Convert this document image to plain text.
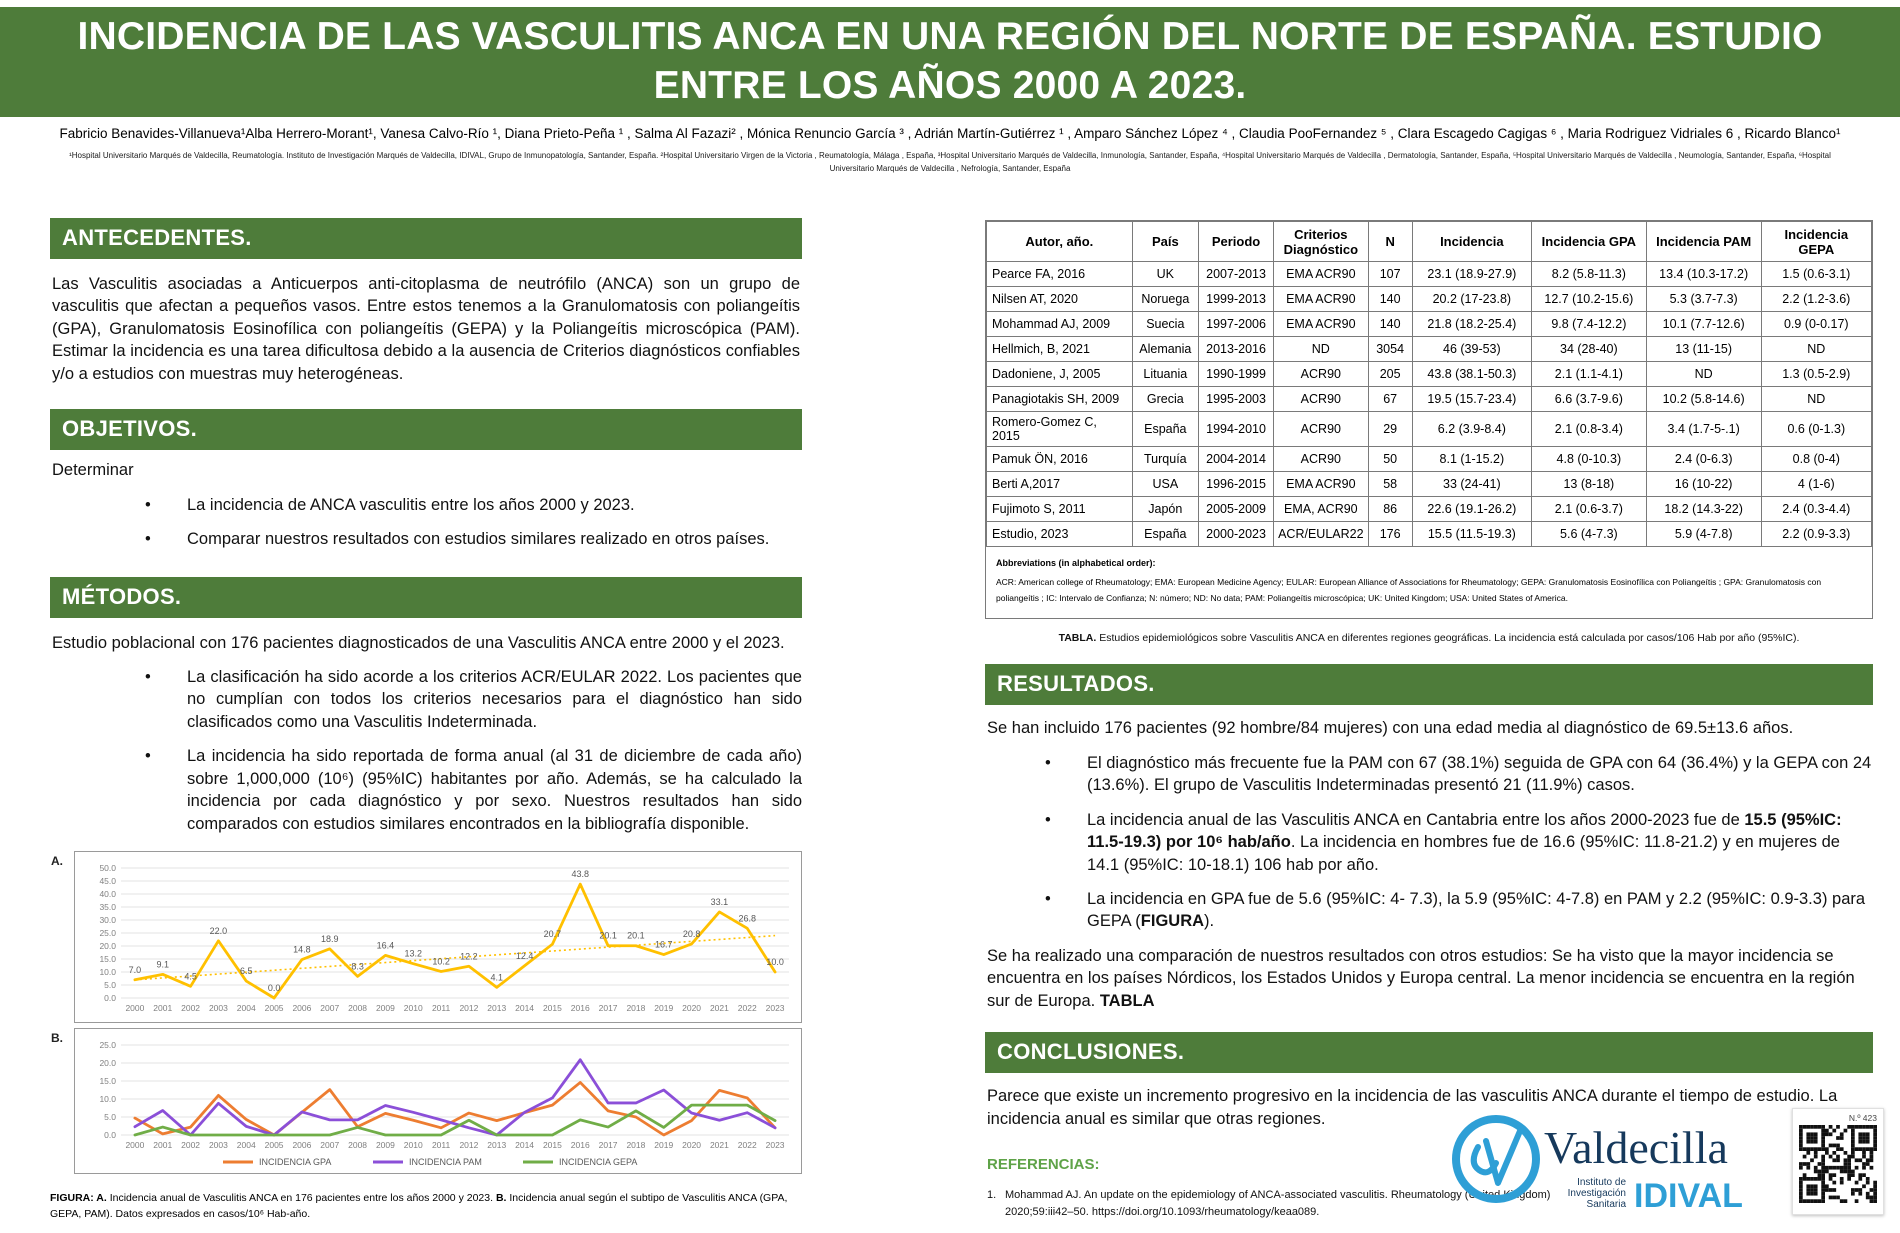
INCIDENCIA DE LAS VASCULITIS ANCA EN UNA REGIÓN DEL NORTE DE ESPAÑA. ESTUDIO ENTRE LOS AÑOS 2000 A 2023.
Fabricio Benavides-Villanueva¹Alba Herrero-Morant¹, Vanesa Calvo-Río ¹, Diana Prieto-Peña ¹ , Salma Al Fazazi² , Mónica Renuncio García ³ , Adrián Martín-Gutiérrez ¹ , Amparo Sánchez López ⁴ , Claudia PooFernandez ⁵ , Clara Escagedo Cagigas ⁶ , Maria Rodriguez Vidriales 6 , Ricardo Blanco¹
¹Hospital Universitario Marqués de Valdecilla, Reumatología. Instituto de Investigación Marqués de Valdecilla, IDIVAL, Grupo de Inmunopatología, Santander, España. ²Hospital Universitario Virgen de la Victoria , Reumatología, Málaga , España, ³Hospital Universitario Marqués de Valdecilla, Inmunología, Santander, España, ⁴Hospital Universitario Marqués de Valdecilla , Dermatología, Santander, España, ⁵Hospital Universitario Marqués de Valdecilla , Neumología, Santander, España, ⁶Hospital Universitario Marqués de Valdecilla , Nefrología, Santander, España
ANTECEDENTES.

Las Vasculitis asociadas a Anticuerpos anti-citoplasma de neutrófilo (ANCA) son un grupo de vasculitis que afectan a pequeños vasos. Entre estos tenemos a la Granulomatosis con poliangeítis (GPA), Granulomatosis Eosinofílica con poliangeítis (GEPA) y la Poliangeítis microscópica (PAM). Estimar la incidencia es una tarea dificultosa debido a la ausencia de Criterios diagnósticos confiables y/o a estudios con muestras muy heterogéneas.

OBJETIVOS.

Determinar

•	La incidencia de ANCA vasculitis entre los años 2000 y 2023.
•	Comparar nuestros resultados con estudios similares realizado en otros países.
MÉTODOS.

Estudio poblacional con 176 pacientes diagnosticados de una Vasculitis ANCA entre 2000 y el 2023.

•	La clasificación ha sido acorde a los criterios ACR/EULAR 2022. Los pacientes que no cumplían con todos los criterios necesarios para el diagnóstico han sido clasificados como una Vasculitis Indeterminada.
•	La incidencia ha sido reportada de forma anual (al 31 de diciembre de cada año) sobre 1,000,000 (10⁶) (95%IC) habitantes por año. Además, se ha calculado la incidencia por cada diagnóstico y por sexo. Nuestros resultados han sido comparados con estudios similares encontrados en la bibliografía disponible.
A.
0.0
5.0
10.0
15.0
20.0
25.0
30.0
35.0
40.0
45.0
50.0
2000 2001 2002 2003 2004 2005 2006 2007 2008 2009 2010 2011 2012 2013 2014 2015 2016 2017 2018 2019 2020 2021 2022 2023
7.0
9.1
4.5
22.0
6.5
0.0
14.8
18.9
8.3
16.4
13.2
10.2
12.2
4.1
12.4
20.7
43.8
20.1 20.1
16.7
20.8
33.1
26.8
10.0
B.
0.0
5.0
10.0
15.0
20.0
25.0
2000 2001 2002 2003 2004 2005 2006 2007 2008 2009 2010 2011 2012 2013 2014 2015 2016 2017 2018 2019 2020 2021 2022 2023
INCIDENCIA GPA	INCIDENCIA PAM	INCIDENCIA GEPA

FIGURA: A. Incidencia anual de Vasculitis ANCA en 176 pacientes entre los años 2000 y 2023. B. Incidencia anual según el subtipo de Vasculitis ANCA (GPA, GEPA, PAM). Datos expresados en casos/10⁶ Hab-año.

Autor, año.	País	Periodo	Criterios Diagnóstico	N	Incidencia	Incidencia GPA	Incidencia PAM	Incidencia GEPA
Pearce FA, 2016	UK	2007-2013	EMA ACR90	107	23.1 (18.9-27.9)	8.2 (5.8-11.3)	13.4 (10.3-17.2)	1.5 (0.6-3.1)
Nilsen AT, 2020	Noruega	1999-2013	EMA ACR90	140	20.2 (17-23.8)	12.7 (10.2-15.6)	5.3 (3.7-7.3)	2.2 (1.2-3.6)
Mohammad AJ, 2009	Suecia	1997-2006	EMA ACR90	140	21.8 (18.2-25.4)	9.8 (7.4-12.2)	10.1 (7.7-12.6)	0.9 (0-0.17)
Hellmich, B, 2021	Alemania	2013-2016	ND	3054	46 (39-53)	34 (28-40)	13 (11-15)	ND
Dadoniene, J, 2005	Lituania	1990-1999	ACR90	205	43.8 (38.1-50.3)	2.1 (1.1-4.1)	ND	1.3 (0.5-2.9)
Panagiotakis SH, 2009	Grecia	1995-2003	ACR90	67	19.5 (15.7-23.4)	6.6 (3.7-9.6)	10.2 (5.8-14.6)	ND
Romero-Gomez C, 2015	España	1994-2010	ACR90	29	6.2 (3.9-8.4)	2.1 (0.8-3.4)	3.4 (1.7-5-.1)	0.6 (0-1.3)
Pamuk ÖN, 2016	Turquía	2004-2014	ACR90	50	8.1 (1-15.2)	4.8 (0-10.3)	2.4 (0-6.3)	0.8 (0-4)
Berti A,2017	USA	1996-2015	EMA ACR90	58	33 (24-41)	13 (8-18)	16 (10-22)	4 (1-6)
Fujimoto S, 2011	Japón	2005-2009	EMA, ACR90	86	22.6 (19.1-26.2)	2.1 (0.6-3.7)	18.2 (14.3-22)	2.4 (0.3-4.4)
Estudio, 2023	España	2000-2023	ACR/EULAR22	176	15.5 (11.5-19.3)	5.6 (4-7.3)	5.9 (4-7.8)	2.2 (0.9-3.3)
Abbreviations (in alphabetical order):
ACR: American college of Rheumatology; EMA: European Medicine Agency; EULAR: European Alliance of Associations for Rheumatology; GEPA: Granulomatosis Eosinofílica con Poliangeítis ; GPA: Granulomatosis con poliangeítis ; IC: Intervalo de Confianza; N: número; ND: No data; PAM: Poliangeítis microscópica; UK: United Kingdom; USA: United States of America.

TABLA. Estudios epidemiológicos sobre Vasculitis ANCA en diferentes regiones geográficas. La incidencia está calculada por casos/106 Hab por año (95%IC).

RESULTADOS.

Se han incluido 176 pacientes (92 hombre/84 mujeres) con una edad media al diagnóstico de 69.5±13.6 años.

•	El diagnóstico más frecuente fue la PAM con 67 (38.1%) seguida de GPA con 64 (36.4%) y la GEPA con 24 (13.6%). El grupo de Vasculitis Indeterminadas presentó 21 (11.9%) casos.
•	La incidencia anual de las Vasculitis ANCA en Cantabria entre los años 2000-2023 fue de 15.5 (95%IC: 11.5-19.3) por 10⁶ hab/año. La incidencia en hombres fue de 16.6 (95%IC: 11.8-21.2) y en mujeres de 14.1 (95%IC: 10-18.1) 106 hab por año.
•	La incidencia en GPA fue de 5.6 (95%IC: 4- 7.3), la 5.9 (95%IC: 4-7.8) en PAM y 2.2 (95%IC: 0.9-3.3) para GEPA (FIGURA).

Se ha realizado una comparación de nuestros resultados con otros estudios: Se ha visto que la mayor incidencia se encuentra en los países Nórdicos, los Estados Unidos y Europa central. La menor incidencia se encuentra en la región sur de Europa. TABLA

CONCLUSIONES.

Parece que existe un incremento progresivo en la incidencia de las vasculitis ANCA durante el tiempo de estudio. La incidencia anual es similar que otras regiones.

REFERENCIAS:
1. Mohammad AJ. An update on the epidemiology of ANCA-associated vasculitis. Rheumatology (United Kingdom) 2020;59:iii42–50. https://doi.org/10.1093/rheumatology/keaa089.
Valdecilla
Instituto de
Investigación
Sanitaria IDIVAL
N.º 423
